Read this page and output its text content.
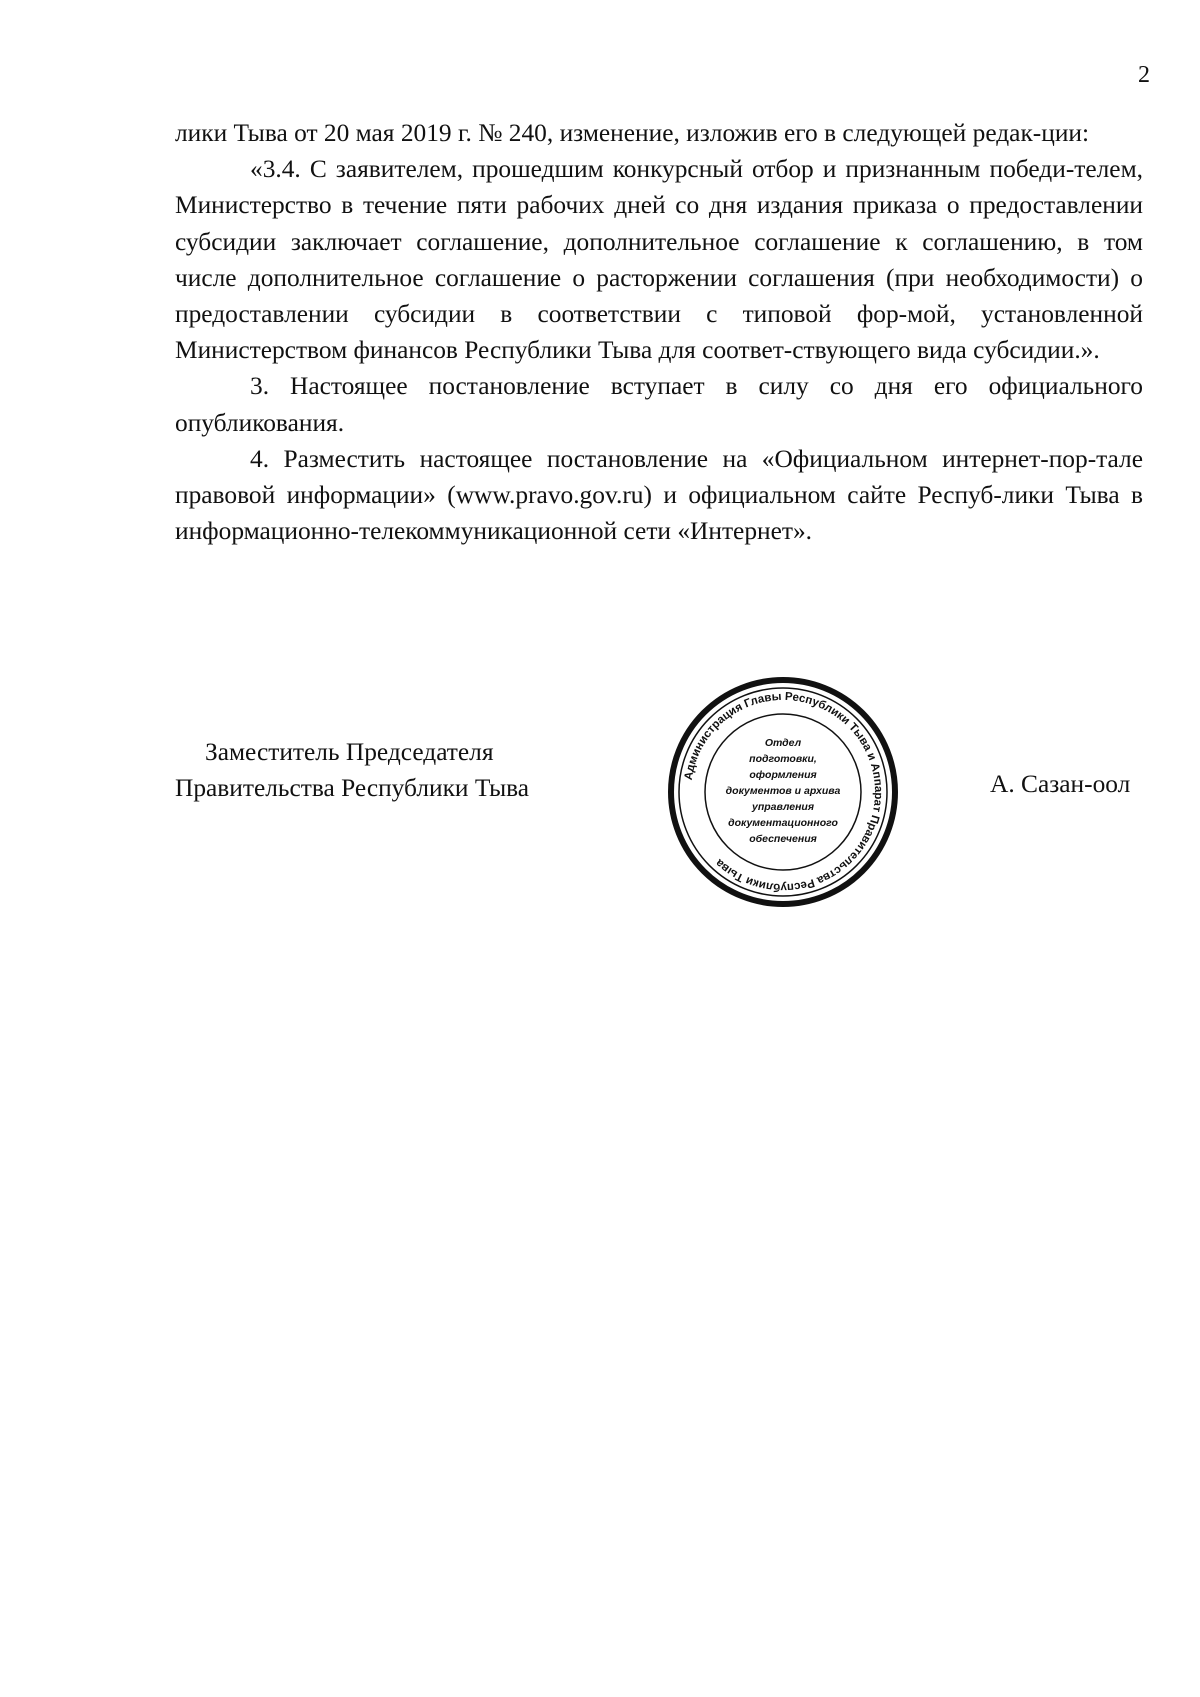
2

лики Тыва от 20 мая 2019 г. № 240, изменение, изложив его в следующей редак-ции:

«3.4. С заявителем, прошедшим конкурсный отбор и признанным победи-телем, Министерство в течение пяти рабочих дней со дня издания приказа о предоставлении субсидии заключает соглашение, дополнительное соглашение к соглашению, в том числе дополнительное соглашение о расторжении соглашения (при необходимости) о предоставлении субсидии в соответствии с типовой фор-мой, установленной Министерством финансов Республики Тыва для соответ-ствующего вида субсидии.».

3. Настоящее постановление вступает в силу со дня его официального опубликования.

4. Разместить настоящее постановление на «Официальном интернет-пор-тале правовой информации» (www.pravo.gov.ru) и официальном сайте Респуб-лики Тыва в информационно-телекоммуникационной сети «Интернет».

Заместитель Председателя
Правительства Республики Тыва	А. Сазан-оол
Администрация Главы Республики Тыва и Аппарат Правительства Республики Тыва
Отдел
подготовки,
оформления
документов и архива
управления
документационного
обеспечения
